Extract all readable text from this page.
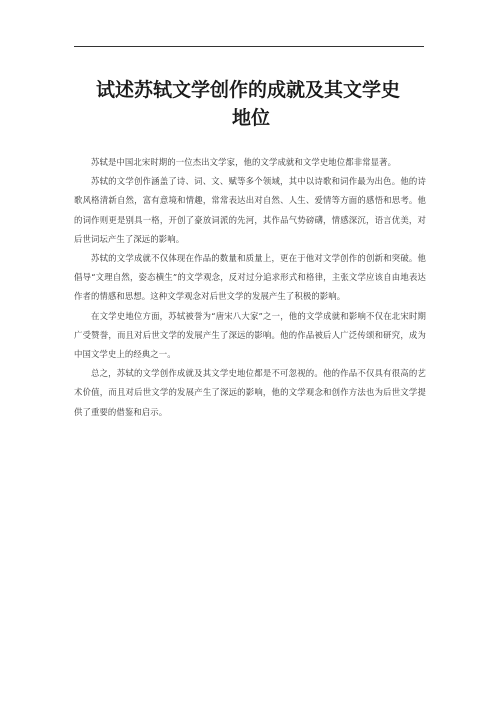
试述苏轼文学创作的成就及其文学史
地位

苏轼是中国北宋时期的一位杰出文学家，他的文学成就和文学史地位都非常显著。

苏轼的文学创作涵盖了诗、词、文、赋等多个领域，其中以诗歌和词作最为出色。他的诗歌风格清新自然，富有意境和情趣，常常表达出对自然、人生、爱情等方面的感悟和思考。他的词作则更是别具一格，开创了豪放词派的先河，其作品气势磅礴，情感深沉，语言优美，对后世词坛产生了深远的影响。

苏轼的文学成就不仅体现在作品的数量和质量上，更在于他对文学创作的创新和突破。他倡导“文理自然，姿态横生”的文学观念，反对过分追求形式和格律，主张文学应该自由地表达作者的情感和思想。这种文学观念对后世文学的发展产生了积极的影响。

在文学史地位方面，苏轼被誉为“唐宋八大家”之一，他的文学成就和影响不仅在北宋时期广受赞誉，而且对后世文学的发展产生了深远的影响。他的作品被后人广泛传颂和研究，成为中国文学史上的经典之一。

总之，苏轼的文学创作成就及其文学史地位都是不可忽视的。他的作品不仅具有很高的艺术价值，而且对后世文学的发展产生了深远的影响，他的文学观念和创作方法也为后世文学提供了重要的借鉴和启示。
